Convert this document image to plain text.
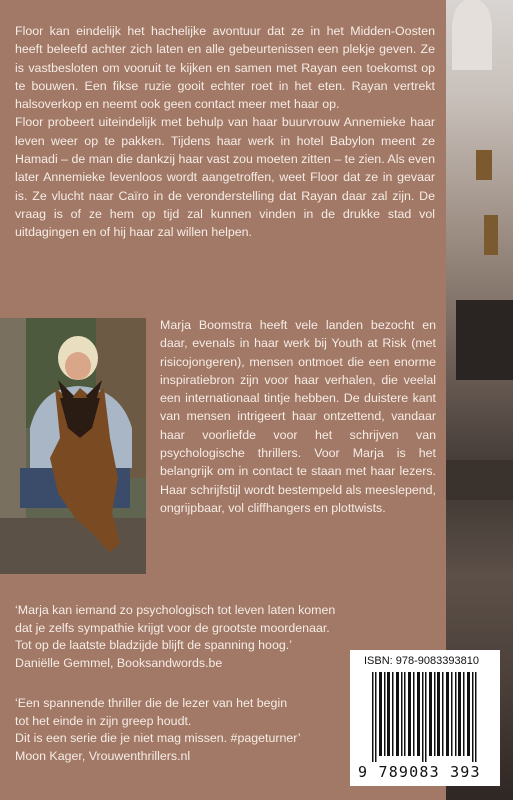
Floor kan eindelijk het hachelijke avontuur dat ze in het Midden-Oosten heeft beleefd achter zich laten en alle gebeurtenissen een plekje geven. Ze is vastbesloten om vooruit te kijken en samen met Rayan een toekomst op te bouwen. Een fikse ruzie gooit echter roet in het eten. Rayan vertrekt halsoverkop en neemt ook geen contact meer met haar op.

Floor probeert uiteindelijk met behulp van haar buurvrouw Annemieke haar leven weer op te pakken. Tijdens haar werk in hotel Babylon meent ze Hamadi – de man die dankzij haar vast zou moeten zitten – te zien. Als even later Annemieke levenloos wordt aangetroffen, weet Floor dat ze in gevaar is. Ze vlucht naar Caïro in de veronderstelling dat Rayan daar zal zijn. De vraag is of ze hem op tijd zal kunnen vinden in de drukke stad vol uitdagingen en of hij haar zal willen helpen.

Marja Boomstra heeft vele landen bezocht en daar, evenals in haar werk bij Youth at Risk (met risicojongeren), mensen ontmoet die een enorme inspiratiebron zijn voor haar verhalen, die veelal een internationaal tintje hebben. De duistere kant van mensen intrigeert haar ontzettend, vandaar haar voorliefde voor het schrijven van psychologische thrillers. Voor Marja is het belangrijk om in contact te staan met haar lezers. Haar schrijfstijl wordt bestempeld als meeslepend, ongrijpbaar, vol cliffhangers en plottwists.

‘Marja kan iemand zo psychologisch tot leven laten komen
dat je zelfs sympathie krijgt voor de grootste moordenaar.
Tot op de laatste bladzijde blijft de spanning hoog.’
Daniëlle Gemmel, Booksandwords.be
‘Een spannende thriller die de lezer van het begin
tot het einde in zijn greep houdt.
Dit is een serie die je niet mag missen. #pageturner’
Moon Kager, Vrouwenthrillers.nl
ISBN: 978-9083393810
9 789083 393
